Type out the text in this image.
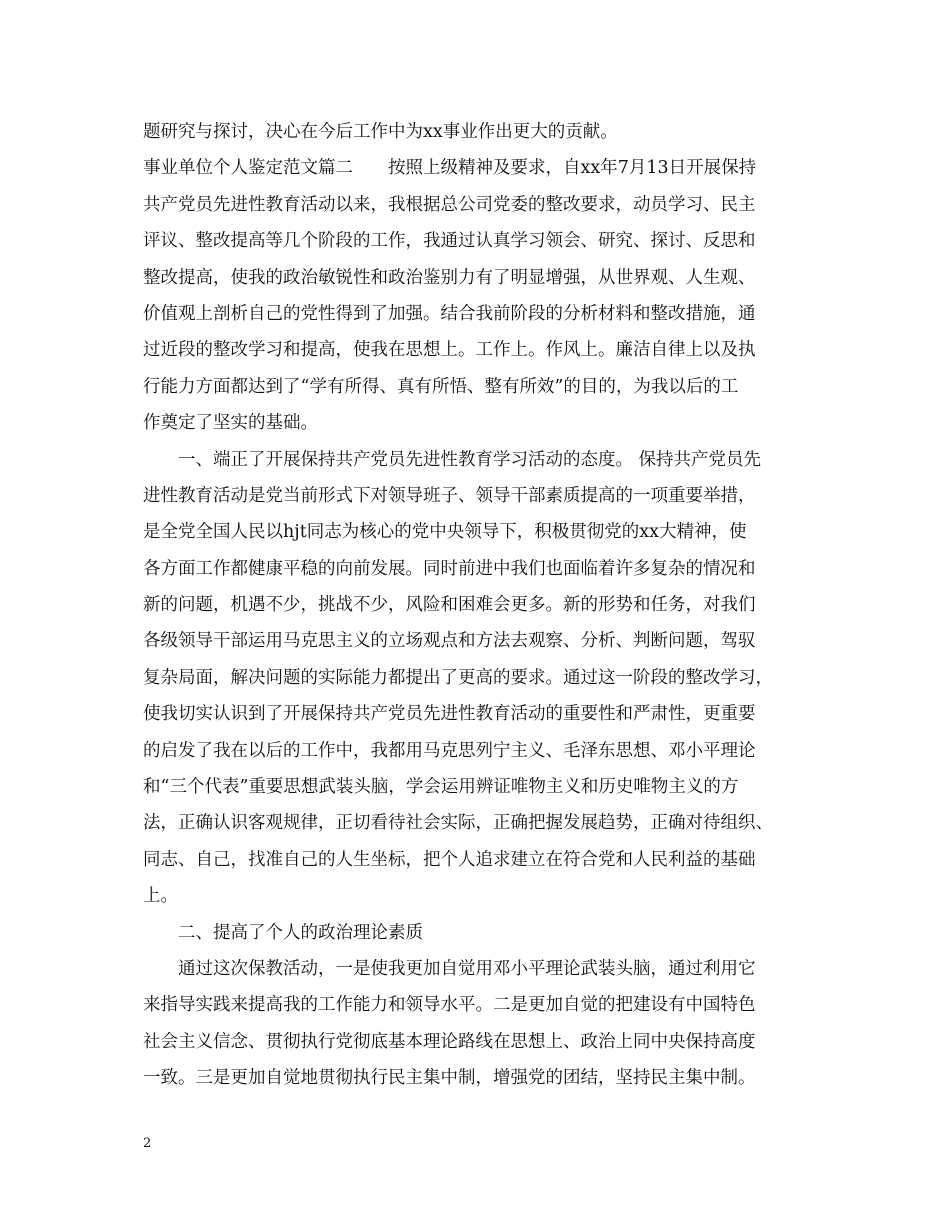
题研究与探讨，决心在今后工作中为xx事业作出更大的贡献。
事业单位个人鉴定范文篇二　　按照上级精神及要求，自xx年7月13日开展保持
共产党员先进性教育活动以来，我根据总公司党委的整改要求，动员学习、民主
评议、整改提高等几个阶段的工作，我通过认真学习领会、研究、探讨、反思和
整改提高，使我的政治敏锐性和政治鉴别力有了明显增强，从世界观、人生观、
价值观上剖析自己的党性得到了加强。结合我前阶段的分析材料和整改措施，通
过近段的整改学习和提高，使我在思想上。工作上。作风上。廉洁自律上以及执
行能力方面都达到了“学有所得、真有所悟、整有所效”的目的，为我以后的工
作奠定了坚实的基础。
一、端正了开展保持共产党员先进性教育学习活动的态度。 保持共产党员先
进性教育活动是党当前形式下对领导班子、领导干部素质提高的一项重要举措，
是全党全国人民以hjt同志为核心的党中央领导下，积极贯彻党的xx大精神，使
各方面工作都健康平稳的向前发展。同时前进中我们也面临着许多复杂的情况和
新的问题，机遇不少，挑战不少，风险和困难会更多。新的形势和任务，对我们
各级领导干部运用马克思主义的立场观点和方法去观察、分析、判断问题，驾驭
复杂局面，解决问题的实际能力都提出了更高的要求。通过这一阶段的整改学习，
使我切实认识到了开展保持共产党员先进性教育活动的重要性和严肃性，更重要
的启发了我在以后的工作中，我都用马克思列宁主义、毛泽东思想、邓小平理论
和“三个代表”重要思想武装头脑，学会运用辨证唯物主义和历史唯物主义的方
法，正确认识客观规律，正切看待社会实际，正确把握发展趋势，正确对待组织、
同志、自己，找准自己的人生坐标，把个人追求建立在符合党和人民利益的基础
上。
二、提高了个人的政治理论素质
通过这次保教活动，一是使我更加自觉用邓小平理论武装头脑，通过利用它
来指导实践来提高我的工作能力和领导水平。二是更加自觉的把建设有中国特色
社会主义信念、贯彻执行党彻底基本理论路线在思想上、政治上同中央保持高度
一致。三是更加自觉地贯彻执行民主集中制，增强党的团结，坚持民主集中制。
2
